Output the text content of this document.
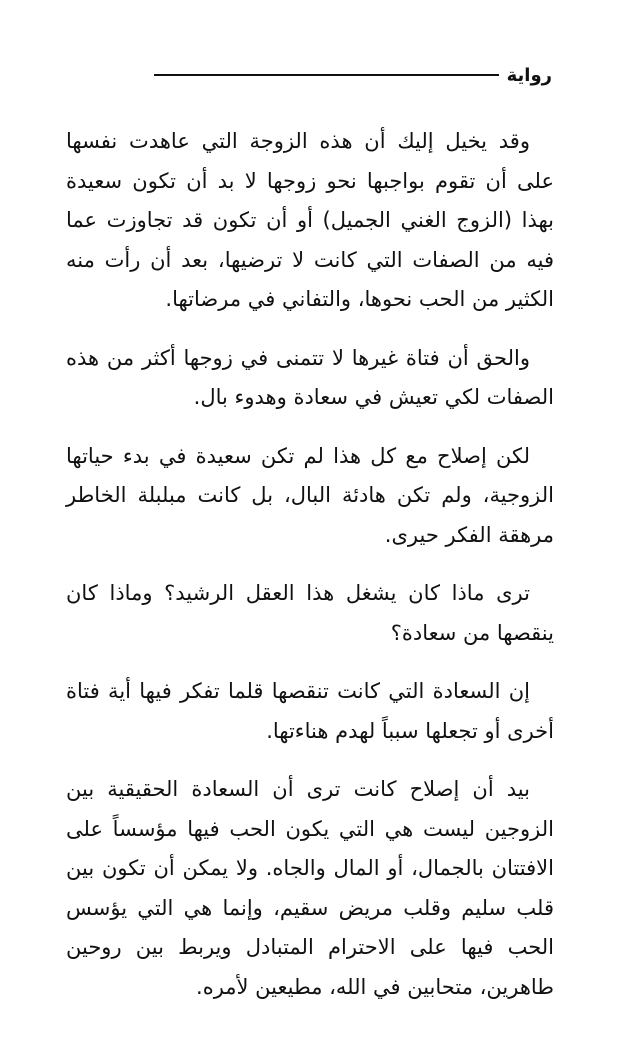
رواية

وقد يخيل إليك أن هذه الزوجة التي عاهدت نفسها على أن تقوم بواجبها نحو زوجها لا بد أن تكون سعيدة بهذا (الزوج الغني الجميل) أو أن تكون قد تجاوزت عما فيه من الصفات التي كانت لا ترضيها، بعد أن رأت منه الكثير من الحب نحوها، والتفاني في مرضاتها.

والحق أن فتاة غيرها لا تتمنى في زوجها أكثر من هذه الصفات لكي تعيش في سعادة وهدوء بال.

لكن إصلاح مع كل هذا لم تكن سعيدة في بدء حياتها الزوجية، ولم تكن هادئة البال، بل كانت مبلبلة الخاطر مرهقة الفكر حيرى.

ترى ماذا كان يشغل هذا العقل الرشيد؟ وماذا كان ينقصها من سعادة؟

إن السعادة التي كانت تنقصها قلما تفكر فيها أية فتاة أخرى أو تجعلها سبباً لهدم هناءتها.

بيد أن إصلاح كانت ترى أن السعادة الحقيقية بين الزوجين ليست هي التي يكون الحب فيها مؤسساً على الافتتان بالجمال، أو المال والجاه. ولا يمكن أن تكون بين قلب سليم وقلب مريض سقيم، وإنما هي التي يؤسس الحب فيها على الاحترام المتبادل ويربط بين روحين طاهرين، متحابين في الله، مطيعين لأمره.
